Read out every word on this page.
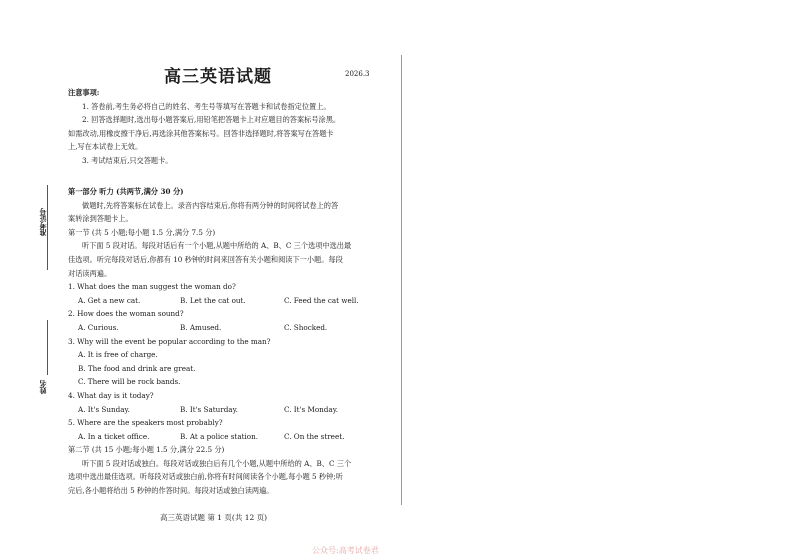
准考证号
姓名
高三英语试题	2026.3
注意事项:
1. 答卷前,考生务必将自己的姓名、考生号等填写在答题卡和试卷指定位置上。
2. 回答选择题时,选出每小题答案后,用铅笔把答题卡上对应题目的答案标号涂黑。
如需改动,用橡皮擦干净后,再选涂其他答案标号。回答非选择题时,将答案写在答题卡
上,写在本试卷上无效。
3. 考试结束后,只交答题卡。
第一部分 听力 (共两节,满分 30 分)
做题时,先将答案标在试卷上。录音内容结束后,你将有两分钟的时间将试卷上的答
案转涂到答题卡上。
第一节 (共 5 小题;每小题 1.5 分,满分 7.5 分)
听下面 5 段对话。每段对话后有一个小题,从题中所给的 A、B、C 三个选项中选出最
佳选项。听完每段对话后,你都有 10 秒钟的时间来回答有关小题和阅读下一小题。每段
对话读两遍。
1. What does the man suggest the woman do?
A. Get a new cat.	B. Let the cat out.	C. Feed the cat well.
2. How does the woman sound?
A. Curious.	B. Amused.	C. Shocked.
3. Why will the event be popular according to the man?
A. It is free of charge.
B. The food and drink are great.
C. There will be rock bands.
4. What day is it today?
A. It's Sunday.	B. It's Saturday.	C. It's Monday.
5. Where are the speakers most probably?
A. In a ticket office.	B. At a police station.	C. On the street.
第二节 (共 15 小题;每小题 1.5 分,满分 22.5 分)
听下面 5 段对话或独白。每段对话或独白后有几个小题,从题中所给的 A、B、C 三个
选项中选出最佳选项。听每段对话或独白前,你将有时间阅读各个小题,每小题 5 秒钟;听
完后,各小题将给出 5 秒钟的作答时间。每段对话或独白读两遍。
高三英语试题 第 1 页(共 12 页)
公众号:高考试卷君
